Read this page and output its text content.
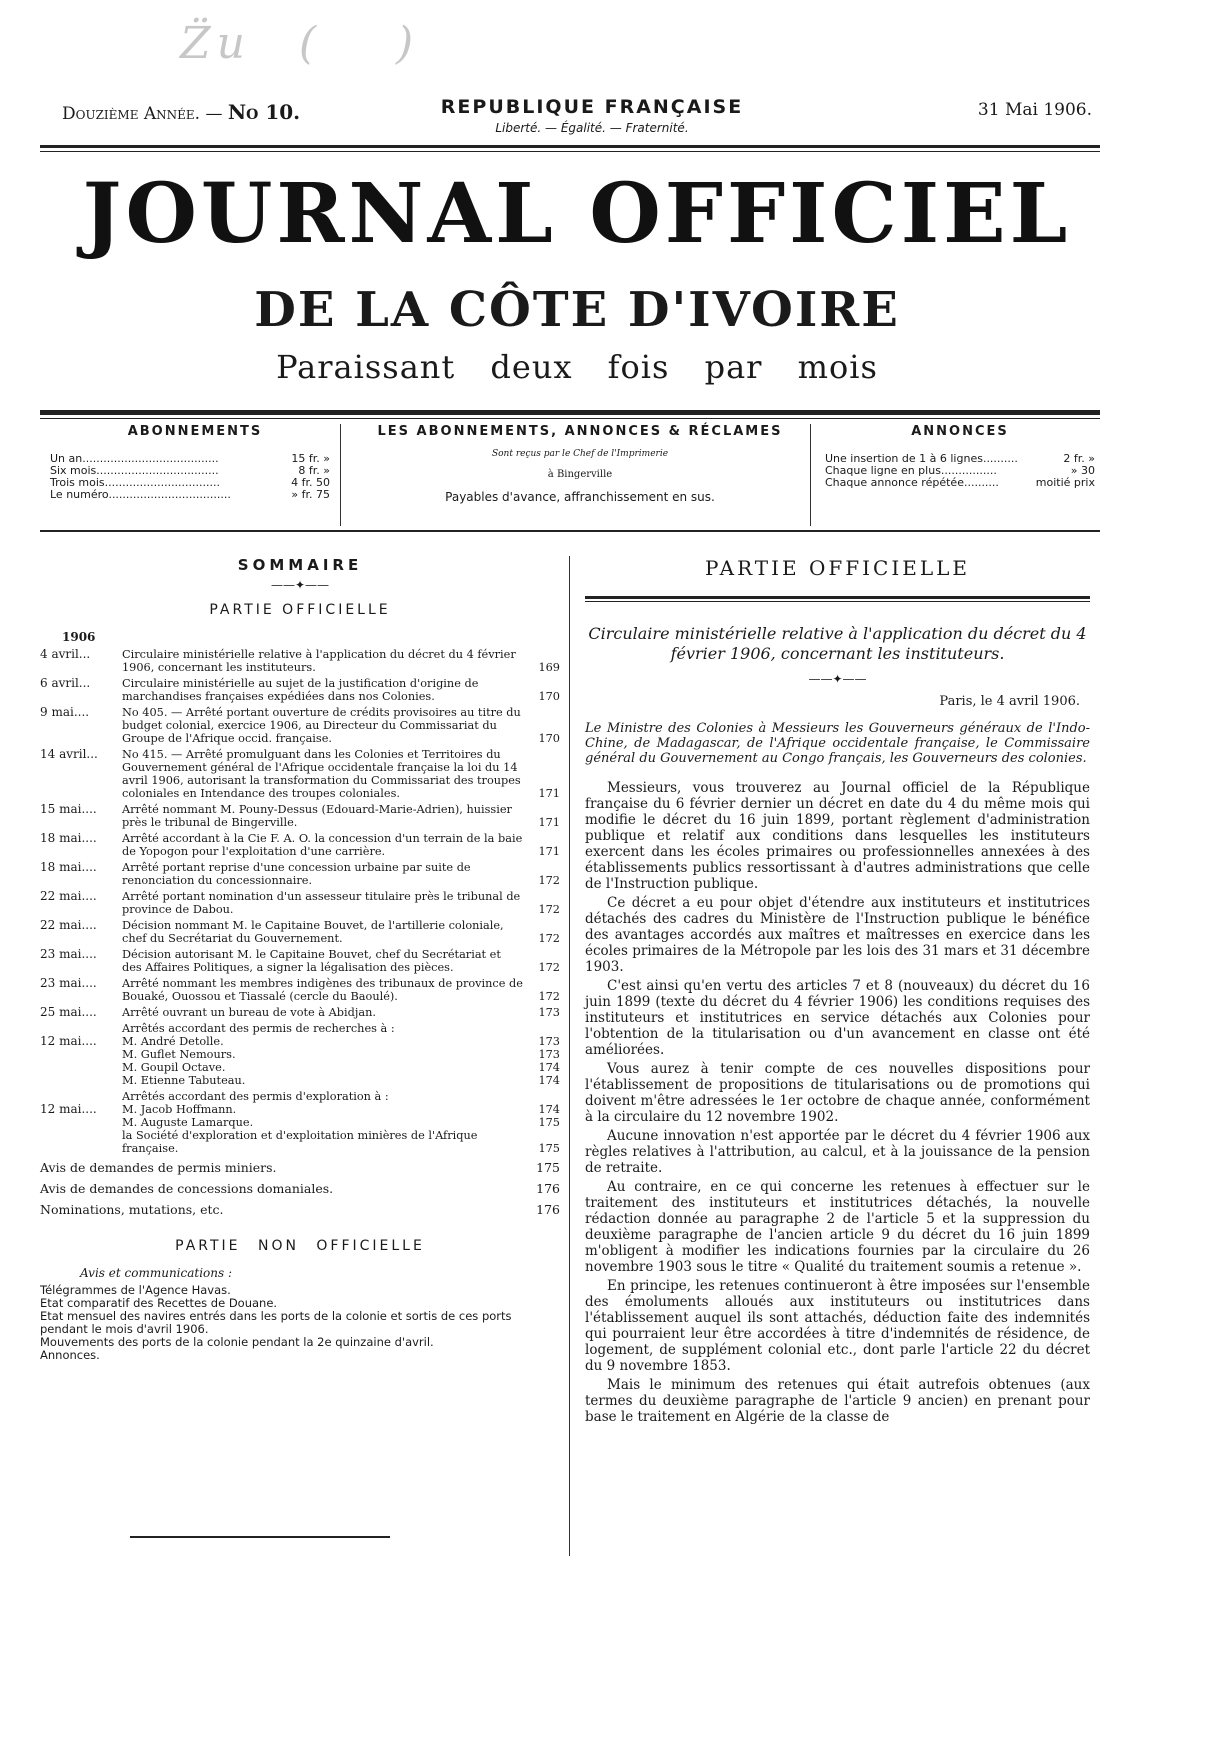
Z̈u  (     )
Douzième Année. — No 10.	REPUBLIQUE FRANÇAISE
Liberté. — Égalité. — Fraternité.
31 Mai 1906.
JOURNAL OFFICIEL
DE LA CÔTE D'IVOIRE
Paraissant deux fois par mois
ABONNEMENTS
Un an.......................................	15 fr. »
Six mois...................................	8 fr. »
Trois mois.................................	4 fr. 50
Le numéro...................................	» fr. 75
LES ABONNEMENTS, ANNONCES & RÉCLAMES
Sont reçus par le Chef de l'Imprimerie
à Bingerville
Payables d'avance, affranchissement en sus.
ANNONCES
Une insertion de 1 à 6 lignes..........	2 fr. »
Chaque ligne en plus................	» 30
Chaque annonce répétée..........	moitié prix
SOMMAIRE
——✦——
PARTIE OFFICIELLE
1906
4 avril...	Circulaire ministérielle relative à l'application du décret du 4 février 1906, concernant les instituteurs.	169
6 avril...	Circulaire ministérielle au sujet de la justification d'origine de marchandises françaises expédiées dans nos Colonies.	170
9 mai....	No 405. — Arrêté portant ouverture de crédits provisoires au titre du budget colonial, exercice 1906, au Directeur du Commissariat du Groupe de l'Afrique occid. française.	170
14 avril...	No 415. — Arrêté promulguant dans les Colonies et Territoires du Gouvernement général de l'Afrique occidentale française la loi du 14 avril 1906, autorisant la transformation du Commissariat des troupes coloniales en Intendance des troupes coloniales.	171
15 mai....	Arrêté nommant M. Pouny-Dessus (Edouard-Marie-Adrien), huissier près le tribunal de Bingerville.	171
18 mai....	Arrêté accordant à la Cie F. A. O. la concession d'un terrain de la baie de Yopogon pour l'exploitation d'une carrière.	171
18 mai....	Arrêté portant reprise d'une concession urbaine par suite de renonciation du concessionnaire.	172
22 mai....	Arrêté portant nomination d'un assesseur titulaire près le tribunal de province de Dabou.	172
22 mai....	Décision nommant M. le Capitaine Bouvet, de l'artillerie coloniale, chef du Secrétariat du Gouvernement.	172
23 mai....	Décision autorisant M. le Capitaine Bouvet, chef du Secrétariat et des Affaires Politiques, a signer la légalisation des pièces.	172
23 mai....	Arrêté nommant les membres indigènes des tribunaux de province de Bouaké, Ouossou et Tiassalé (cercle du Baoulé).	172
25 mai....	Arrêté ouvrant un bureau de vote à Abidjan.	173
Arrêtés accordant des permis de recherches à :
12 mai....	M. André Detolle.	173
M. Guflet Nemours.	173
M. Goupil Octave.	174
M. Etienne Tabuteau.	174
Arrêtés accordant des permis d'exploration à :
12 mai....	M. Jacob Hoffmann.	174
M. Auguste Lamarque.	175
la Société d'exploration et d'exploitation minières de l'Afrique française.	175
Avis de demandes de permis miniers.	175
Avis de demandes de concessions domaniales.	176
Nominations, mutations, etc.	176
PARTIE NON OFFICIELLE
Avis et communications :

Télégrammes de l'Agence Havas.

Etat comparatif des Recettes de Douane.

Etat mensuel des navires entrés dans les ports de la colonie et sortis de ces ports pendant le mois d'avril 1906.

Mouvements des ports de la colonie pendant la 2e quinzaine d'avril.

Annonces.

PARTIE OFFICIELLE
Circulaire ministérielle relative à l'application du décret du 4 février 1906, concernant les instituteurs.
——✦——
Paris, le 4 avril 1906.
Le Ministre des Colonies à Messieurs les Gouverneurs généraux de l'Indo-Chine, de Madagascar, de l'Afrique occidentale française, le Commissaire général du Gouvernement au Congo français, les Gouverneurs des colonies.

Messieurs, vous trouverez au Journal officiel de la République française du 6 février dernier un décret en date du 4 du même mois qui modifie le décret du 16 juin 1899, portant règlement d'administration publique et relatif aux conditions dans lesquelles les instituteurs exercent dans les écoles primaires ou professionnelles annexées à des établissements publics ressortissant à d'autres administrations que celle de l'Instruction publique.

Ce décret a eu pour objet d'étendre aux instituteurs et institutrices détachés des cadres du Ministère de l'Instruction publique le bénéfice des avantages accordés aux maîtres et maîtresses en exercice dans les écoles primaires de la Métropole par les lois des 31 mars et 31 décembre 1903.

C'est ainsi qu'en vertu des articles 7 et 8 (nouveaux) du décret du 16 juin 1899 (texte du décret du 4 février 1906) les conditions requises des instituteurs et institutrices en service détachés aux Colonies pour l'obtention de la titularisation ou d'un avancement en classe ont été améliorées.

Vous aurez à tenir compte de ces nouvelles dispositions pour l'établissement de propositions de titularisations ou de promotions qui doivent m'être adressées le 1er octobre de chaque année, conformément à la circulaire du 12 novembre 1902.

Aucune innovation n'est apportée par le décret du 4 février 1906 aux règles relatives à l'attribution, au calcul, et à la jouissance de la pension de retraite.

Au contraire, en ce qui concerne les retenues à effectuer sur le traitement des instituteurs et institutrices détachés, la nouvelle rédaction donnée au paragraphe 2 de l'article 5 et la suppression du deuxième paragraphe de l'ancien article 9 du décret du 16 juin 1899 m'obligent à modifier les indications fournies par la circulaire du 26 novembre 1903 sous le titre « Qualité du traitement soumis a retenue ».

En principe, les retenues continueront à être imposées sur l'ensemble des émoluments alloués aux instituteurs ou institutrices dans l'établissement auquel ils sont attachés, déduction faite des indemnités qui pourraient leur être accordées à titre d'indemnités de résidence, de logement, de supplément colonial etc., dont parle l'article 22 du décret du 9 novembre 1853.

Mais le minimum des retenues qui était autrefois obtenues (aux termes du deuxième paragraphe de l'article 9 ancien) en prenant pour base le traitement en Algérie de la classe de
